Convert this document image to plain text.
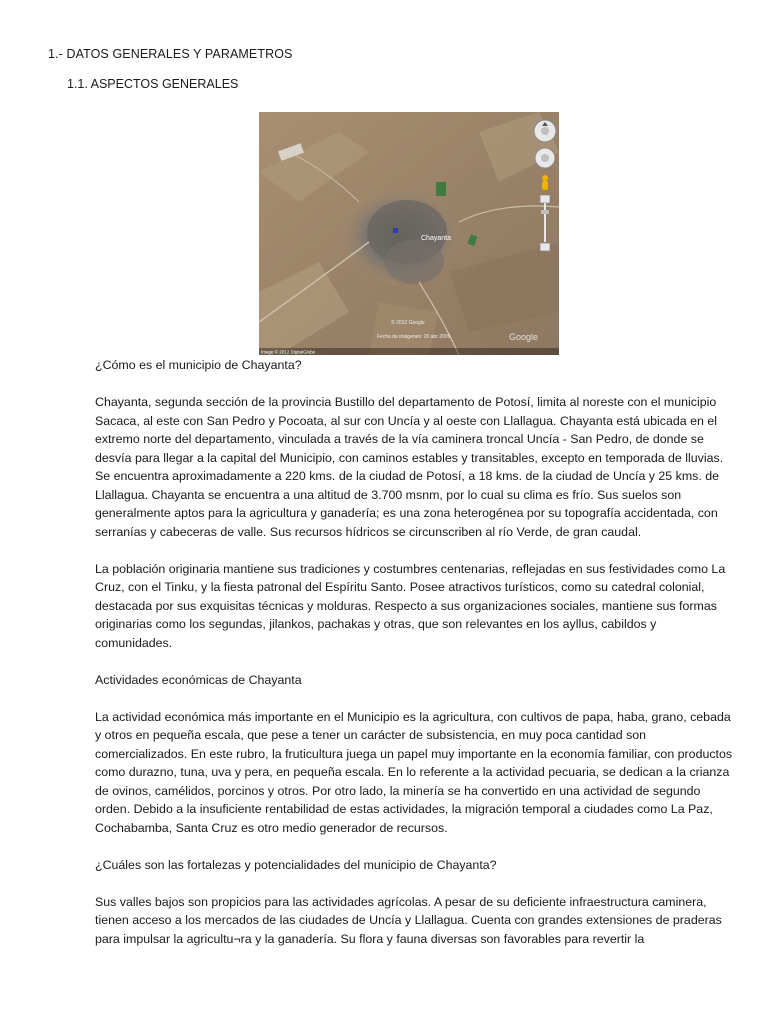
1.- DATOS GENERALES Y PARAMETROS
1.1. ASPECTOS GENERALES
Chayanta
© 2012 Google
Fecha de imágenes: 20 abr 2009
Image © 2012 DigitalGlobe
Google

¿Cómo es el municipio de Chayanta?

Chayanta, segunda sección de la provincia Bustillo del departamento de Potosí, limita al noreste con el municipio Sacaca, al este con San Pedro y Pocoata, al sur con Uncía y al oeste con Llallagua. Chayanta está ubicada en el extremo norte del departamento, vinculada a través de la vía caminera troncal Uncía - San Pedro, de donde se desvía para llegar a la capital del Municipio, con caminos estables y transitables, excepto en temporada de lluvias. Se encuentra aproximadamente a 220 kms. de la ciudad de Potosí, a 18 kms. de la ciudad de Uncía y 25 kms. de Llallagua. Chayanta se encuentra a una altitud de 3.700 msnm, por lo cual su clima es frío. Sus suelos son generalmente aptos para la agricultura y ganadería; es una zona heterogénea por su topografía accidentada, con serranías y cabeceras de valle. Sus recursos hídricos se circunscriben al río Verde, de gran caudal.

La población originaria mantiene sus tradiciones y costumbres centenarias, reflejadas en sus festividades como La Cruz, con el Tinku, y la fiesta patronal del Espíritu Santo. Posee atractivos turísticos, como su catedral colonial, destacada por sus exquisitas técnicas y molduras. Respecto a sus organizaciones sociales, mantiene sus formas originarias como los segundas, jilankos, pachakas y otras, que son relevantes en los ayllus, cabildos y comunidades.

Actividades económicas de Chayanta

La actividad económica más importante en el Municipio es la agricultura, con cultivos de papa, haba, grano, cebada y otros en pequeña escala, que pese a tener un carácter de subsistencia, en muy poca cantidad son comercializados. En este rubro, la fruticultura juega un papel muy importante en la economía familiar, con productos como durazno, tuna, uva y pera, en pequeña escala. En lo referente a la actividad pecuaria, se dedican a la crianza de ovinos, camélidos, porcinos y otros. Por otro lado, la minería se ha convertido en una actividad de segundo orden. Debido a la insuficiente rentabilidad de estas actividades, la migración temporal a ciudades como La Paz, Cochabamba, Santa Cruz es otro medio generador de recursos.

¿Cuáles son las fortalezas y potencialidades del municipio de Chayanta?

Sus valles bajos son propicios para las actividades agrícolas. A pesar de su deficiente infraestructura caminera, tienen acceso a los mercados de las ciudades de Uncía y Llallagua. Cuenta con grandes extensiones de praderas para impulsar la agricultu¬ra y la ganadería. Su flora y fauna diversas son favorables para revertir la
